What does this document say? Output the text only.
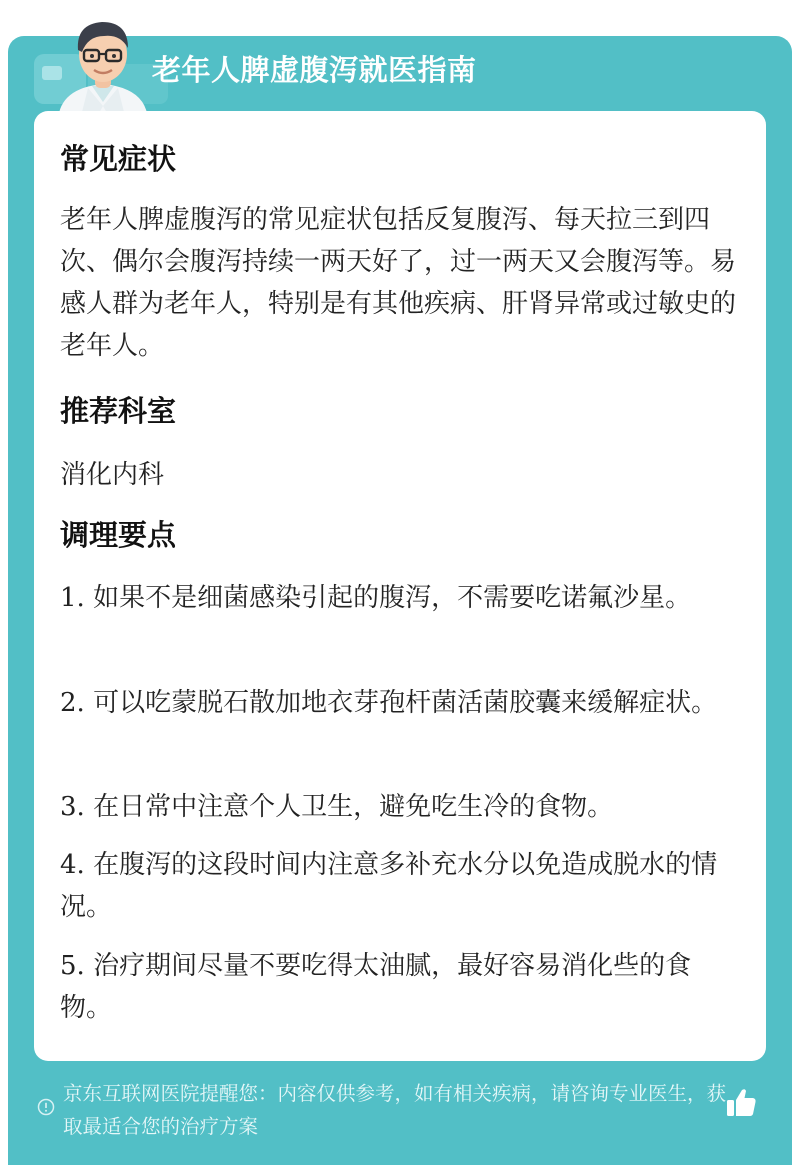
老年人脾虚腹泻就医指南
常见症状
老年人脾虚腹泻的常见症状包括反复腹泻、每天拉三到四次、偶尔会腹泻持续一两天好了，过一两天又会腹泻等。易感人群为老年人，特别是有其他疾病、肝肾异常或过敏史的老年人。
推荐科室
消化内科
调理要点
1. 如果不是细菌感染引起的腹泻，不需要吃诺氟沙星。
2. 可以吃蒙脱石散加地衣芽孢杆菌活菌胶囊来缓解症状。
3. 在日常中注意个人卫生，避免吃生冷的食物。
4. 在腹泻的这段时间内注意多补充水分以免造成脱水的情况。
5. 治疗期间尽量不要吃得太油腻，最好容易消化些的食物。
京东互联网医院提醒您：内容仅供参考，如有相关疾病，请咨询专业医生，获取最适合您的治疗方案
